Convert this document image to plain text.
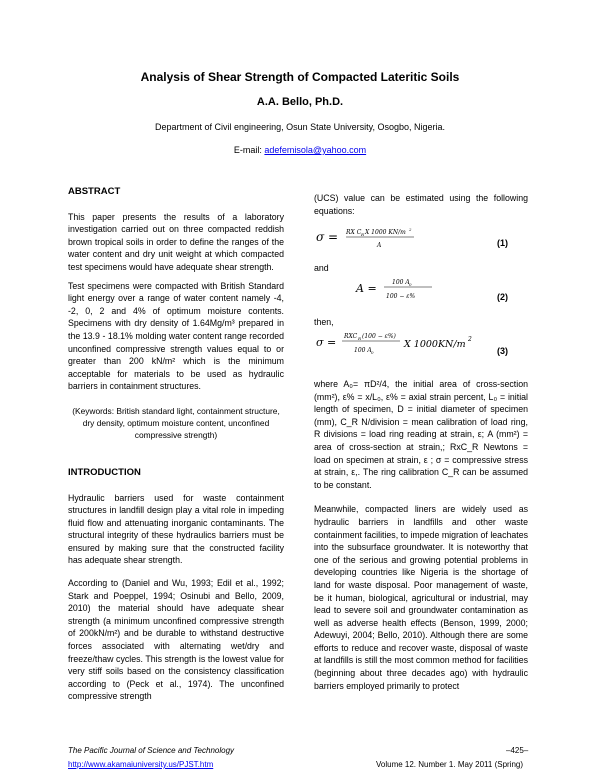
Analysis of Shear Strength of Compacted Lateritic Soils
A.A. Bello, Ph.D.
Department of Civil engineering, Osun State University, Osogbo, Nigeria.
E-mail: adefemisola@yahoo.com
ABSTRACT

This paper presents the results of a laboratory investigation carried out on three compacted reddish brown tropical soils in order to define the ranges of the water content and dry unit weight at which compacted test specimens would have adequate shear strength.

Test specimens were compacted with British Standard light energy over a range of water content namely -4, -2, 0, 2 and 4% of optimum moisture contents. Specimens with dry density of 1.64Mg/m³ prepared in the 13.9 - 18.1% molding water content range recorded unconfined compressive strength values equal to or greater than 200 kN/m² which is the minimum acceptable for materials to be used as hydraulic barriers in containment structures.

(Keywords: British standard light, containment structure, dry density, optimum moisture content, unconfined compressive strength)
INTRODUCTION

Hydraulic barriers used for waste containment structures in landfill design play a vital role in impeding fluid flow and attenuating inorganic contaminants. The structural integrity of these hydraulics barriers must be ensured by making sure that the constructed facility has adequate shear strength.

According to (Daniel and Wu, 1993; Edil et al., 1992; Stark and Poeppel, 1994; Osinubi and Bello, 2009, 2010) the material should have adequate shear strength (a minimum unconfined compressive strength of 200kN/m²) and be durable to withstand destructive forces associated with alternating wet/dry and freeze/thaw cycles. This strength is the lowest value for very stiff soils based on the consistency classification according to (Peck et al., 1974). The unconfined compressive strength

(UCS) value can be estimated using the following equations:

σ = RX C R X 1000 KN/m 2
A	(1)
and
A =	100 A 0
100 − ε%	(2)
then,
σ = RXC R (100 − ε%)
100 A 0
X 1000KN/m 2
(3)

where A₀= πD²/4, the initial area of cross-section (mm²), ε% = x/L₀, ε% = axial strain percent, L₀ = initial length of specimen, D = initial diameter of specimen (mm), C_R N/division = mean calibration of load ring, R divisions = load ring reading at strain, ε; A (mm²) = area of cross-section at strain,; RxC_R Newtons = load on specimen at strain, ε ; σ = compressive stress at strain, ε,. The ring calibration C_R can be assumed to be constant.

Meanwhile, compacted liners are widely used as hydraulic barriers in landfills and other waste containment facilities, to impede migration of leachates into the subsurface groundwater. It is noteworthy that one of the serious and growing potential problems in developing countries like Nigeria is the shortage of land for waste disposal. Poor management of waste, be it human, biological, agricultural or industrial, may lead to severe soil and groundwater contamination as well as adverse health effects (Benson, 1999, 2000; Adewuyi, 2004; Bello, 2010). Although there are some efforts to reduce and recover waste, disposal of waste at landfills is still the most common method for facilities (beginning about three decades ago) with hydraulic barriers employed primarily to protect

The Pacific Journal of Science and Technology
http://www.akamaiuniversity.us/PJST.htm
–425–
Volume 12. Number 1. May 2011 (Spring)
